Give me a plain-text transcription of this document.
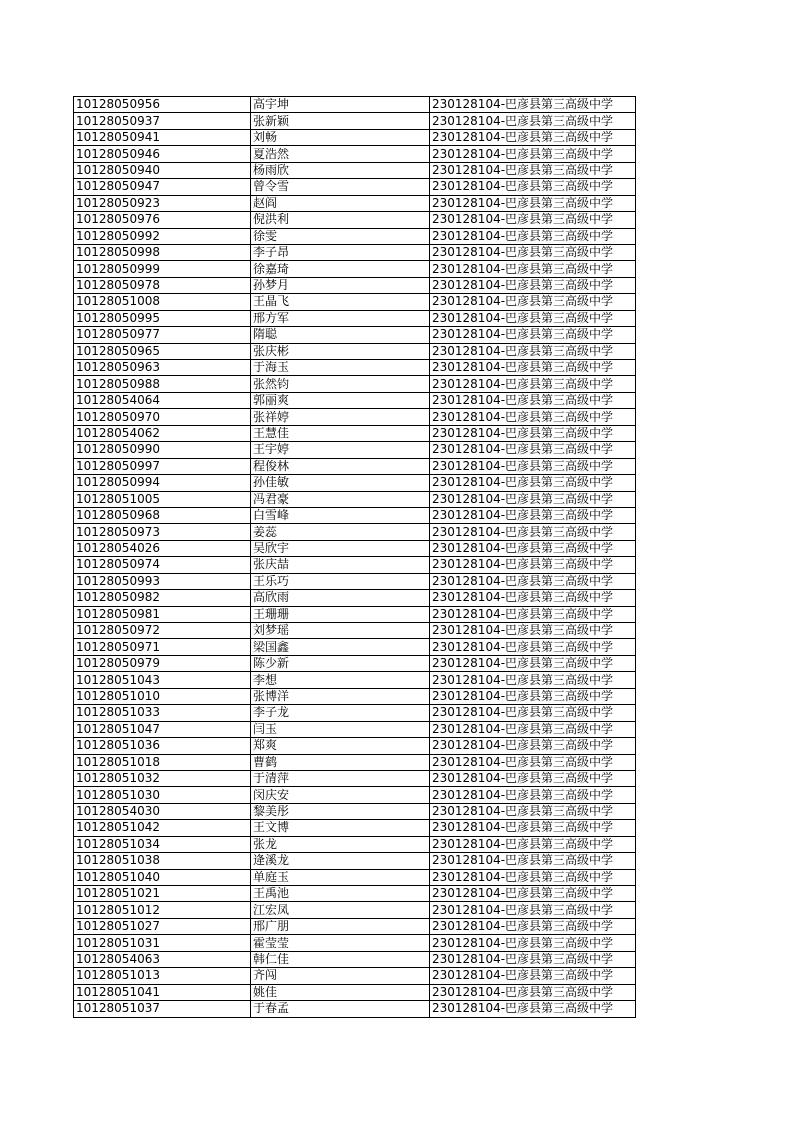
10128050956	高宇坤	230128104-巴彦县第三高级中学
10128050937	张新颖	230128104-巴彦县第三高级中学
10128050941	刘畅	230128104-巴彦县第三高级中学
10128050946	夏浩然	230128104-巴彦县第三高级中学
10128050940	杨雨欣	230128104-巴彦县第三高级中学
10128050947	曾令雪	230128104-巴彦县第三高级中学
10128050923	赵阎	230128104-巴彦县第三高级中学
10128050976	倪洪利	230128104-巴彦县第三高级中学
10128050992	徐雯	230128104-巴彦县第三高级中学
10128050998	李子昂	230128104-巴彦县第三高级中学
10128050999	徐嘉琦	230128104-巴彦县第三高级中学
10128050978	孙梦月	230128104-巴彦县第三高级中学
10128051008	王晶飞	230128104-巴彦县第三高级中学
10128050995	邢方军	230128104-巴彦县第三高级中学
10128050977	隋聪	230128104-巴彦县第三高级中学
10128050965	张庆彬	230128104-巴彦县第三高级中学
10128050963	于海玉	230128104-巴彦县第三高级中学
10128050988	张然钧	230128104-巴彦县第三高级中学
10128054064	郭丽爽	230128104-巴彦县第三高级中学
10128050970	张祥婷	230128104-巴彦县第三高级中学
10128054062	王慧佳	230128104-巴彦县第三高级中学
10128050990	王宇婷	230128104-巴彦县第三高级中学
10128050997	程俊林	230128104-巴彦县第三高级中学
10128050994	孙佳敏	230128104-巴彦县第三高级中学
10128051005	冯君豪	230128104-巴彦县第三高级中学
10128050968	白雪峰	230128104-巴彦县第三高级中学
10128050973	姜蕊	230128104-巴彦县第三高级中学
10128054026	吴欣宇	230128104-巴彦县第三高级中学
10128050974	张庆喆	230128104-巴彦县第三高级中学
10128050993	王乐巧	230128104-巴彦县第三高级中学
10128050982	高欣雨	230128104-巴彦县第三高级中学
10128050981	王珊珊	230128104-巴彦县第三高级中学
10128050972	刘梦瑶	230128104-巴彦县第三高级中学
10128050971	梁国鑫	230128104-巴彦县第三高级中学
10128050979	陈少新	230128104-巴彦县第三高级中学
10128051043	李想	230128104-巴彦县第三高级中学
10128051010	张博洋	230128104-巴彦县第三高级中学
10128051033	李子龙	230128104-巴彦县第三高级中学
10128051047	闫玉	230128104-巴彦县第三高级中学
10128051036	郑爽	230128104-巴彦县第三高级中学
10128051018	曹鹤	230128104-巴彦县第三高级中学
10128051032	于清萍	230128104-巴彦县第三高级中学
10128051030	闵庆安	230128104-巴彦县第三高级中学
10128054030	黎美彤	230128104-巴彦县第三高级中学
10128051042	王文博	230128104-巴彦县第三高级中学
10128051034	张龙	230128104-巴彦县第三高级中学
10128051038	逄溪龙	230128104-巴彦县第三高级中学
10128051040	单庭玉	230128104-巴彦县第三高级中学
10128051021	王禹池	230128104-巴彦县第三高级中学
10128051012	江宏凤	230128104-巴彦县第三高级中学
10128051027	邢广朋	230128104-巴彦县第三高级中学
10128051031	霍莹莹	230128104-巴彦县第三高级中学
10128054063	韩仁佳	230128104-巴彦县第三高级中学
10128051013	齐闯	230128104-巴彦县第三高级中学
10128051041	姚佳	230128104-巴彦县第三高级中学
10128051037	于春孟	230128104-巴彦县第三高级中学
